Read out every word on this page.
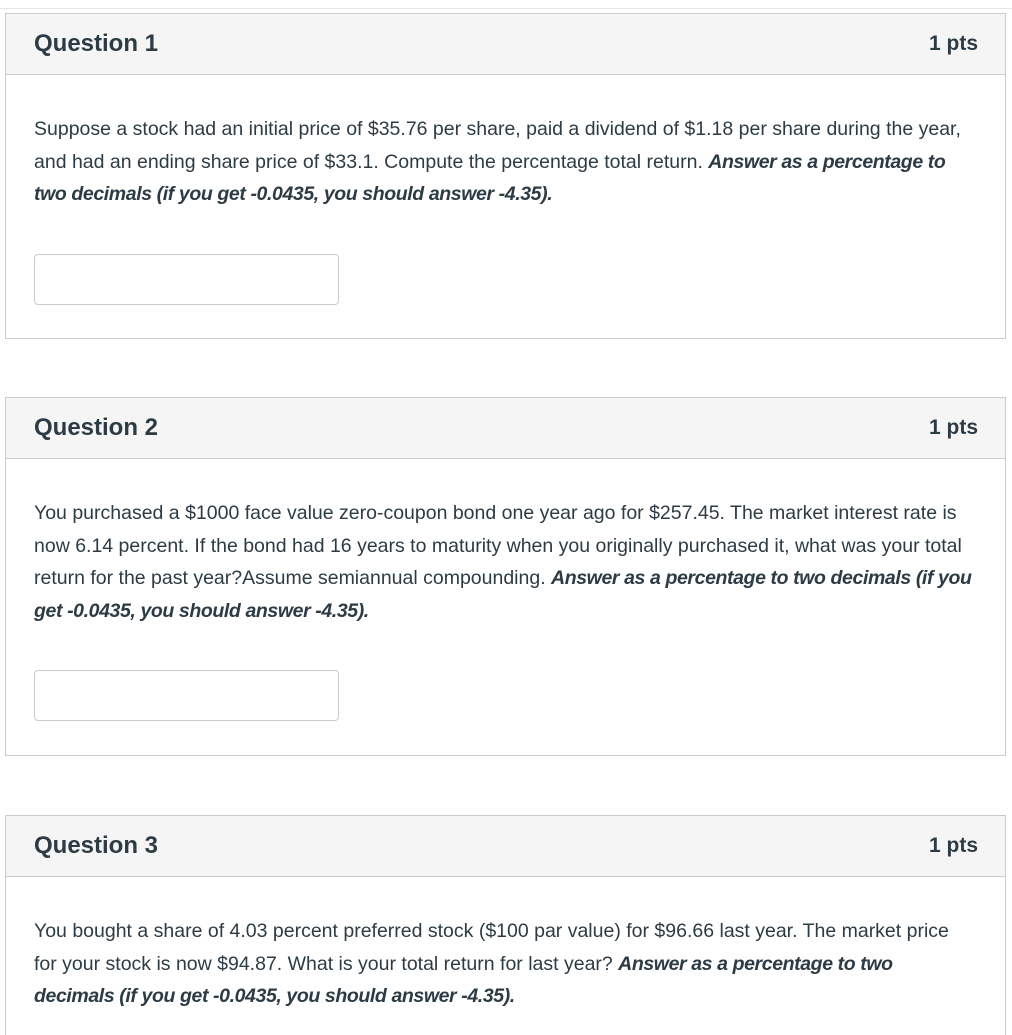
Question 1	1 pts

Suppose a stock had an initial price of $35.76 per share, paid a dividend of $1.18 per share during the year, and had an ending share price of $33.1. Compute the percentage total return. Answer as a percentage to two decimals (if you get -0.0435, you should answer -4.35).

Question 2	1 pts

You purchased a $1000 face value zero-coupon bond one year ago for $257.45. The market interest rate is now 6.14 percent. If the bond had 16 years to maturity when you originally purchased it, what was your total return for the past year?Assume semiannual compounding. Answer as a percentage to two decimals (if you get -0.0435, you should answer -4.35).

Question 3	1 pts

You bought a share of 4.03 percent preferred stock ($100 par value) for $96.66 last year. The market price for your stock is now $94.87. What is your total return for last year? Answer as a percentage to two decimals (if you get -0.0435, you should answer -4.35).
